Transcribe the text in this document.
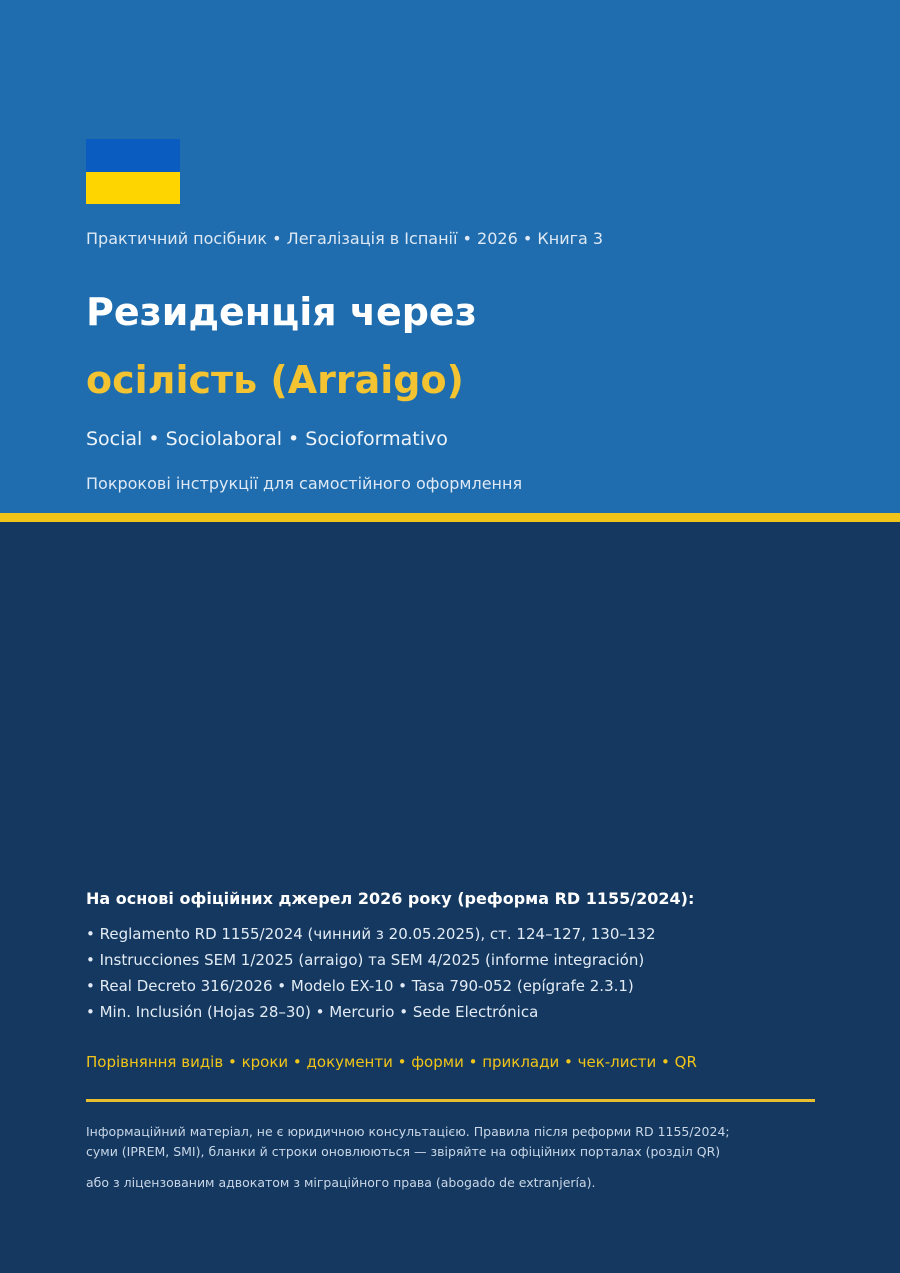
Практичний посібник • Легалізація в Іспанії • 2026 • Книга 3
Резиденція через
осілість (Arraigo)
Social • Sociolaboral • Socioformativo
Покрокові інструкції для самостійного оформлення
На основі офіційних джерел 2026 року (реформа RD 1155/2024):
• Reglamento RD 1155/2024 (чинний з 20.05.2025), ст. 124–127, 130–132
• Instrucciones SEM 1/2025 (arraigo) та SEM 4/2025 (informe integración)
• Real Decreto 316/2026 • Modelo EX-10 • Tasa 790-052 (epígrafe 2.3.1)
• Min. Inclusión (Hojas 28–30) • Mercurio • Sede Electrónica
Порівняння видів • кроки • документи • форми • приклади • чек-листи • QR
Інформаційний матеріал, не є юридичною консультацією. Правила після реформи RD 1155/2024;
суми (IPREM, SMI), бланки й строки оновлюються — звіряйте на офіційних порталах (розділ QR)
або з ліцензованим адвокатом з міграційного права (abogado de extranjería).
